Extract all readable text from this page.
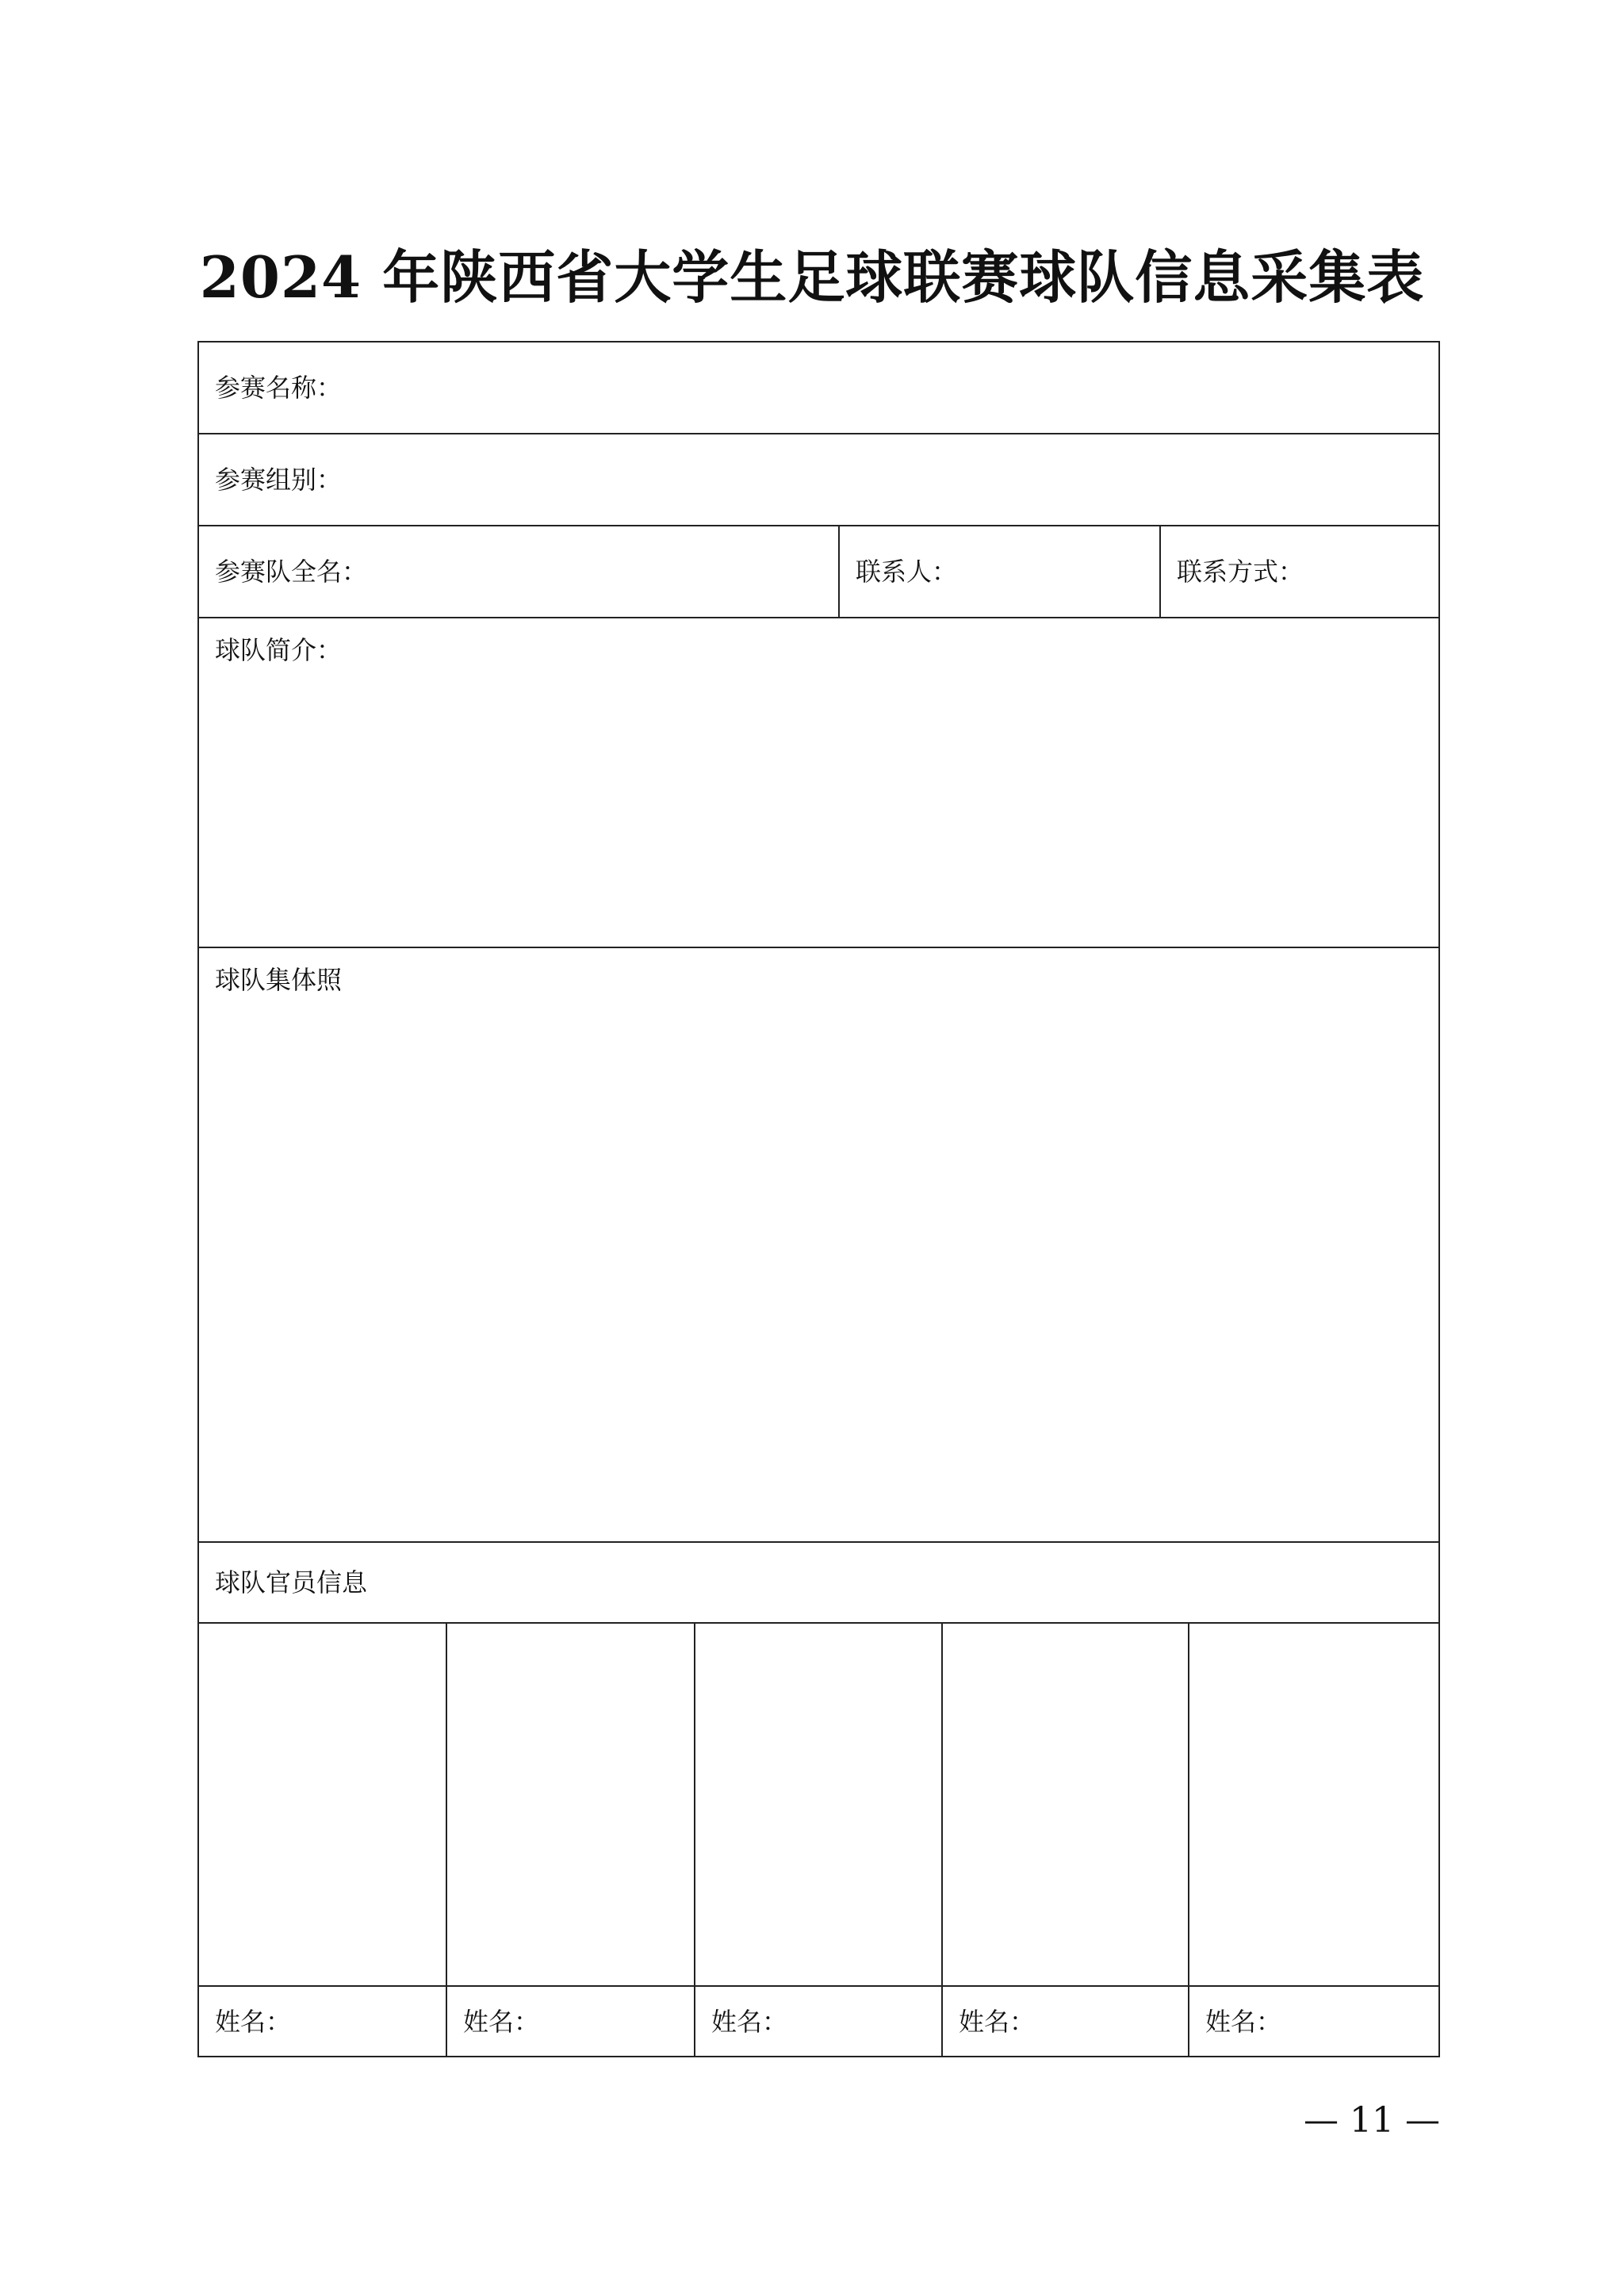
2024 年陕西省大学生足球联赛球队信息采集表
参赛名称：
参赛组别：
参赛队全名：	联系人：	联系方式：
球队简介：
球队集体照
球队官员信息
姓名：	姓名：	姓名：	姓名：	姓名：
— 11 —
